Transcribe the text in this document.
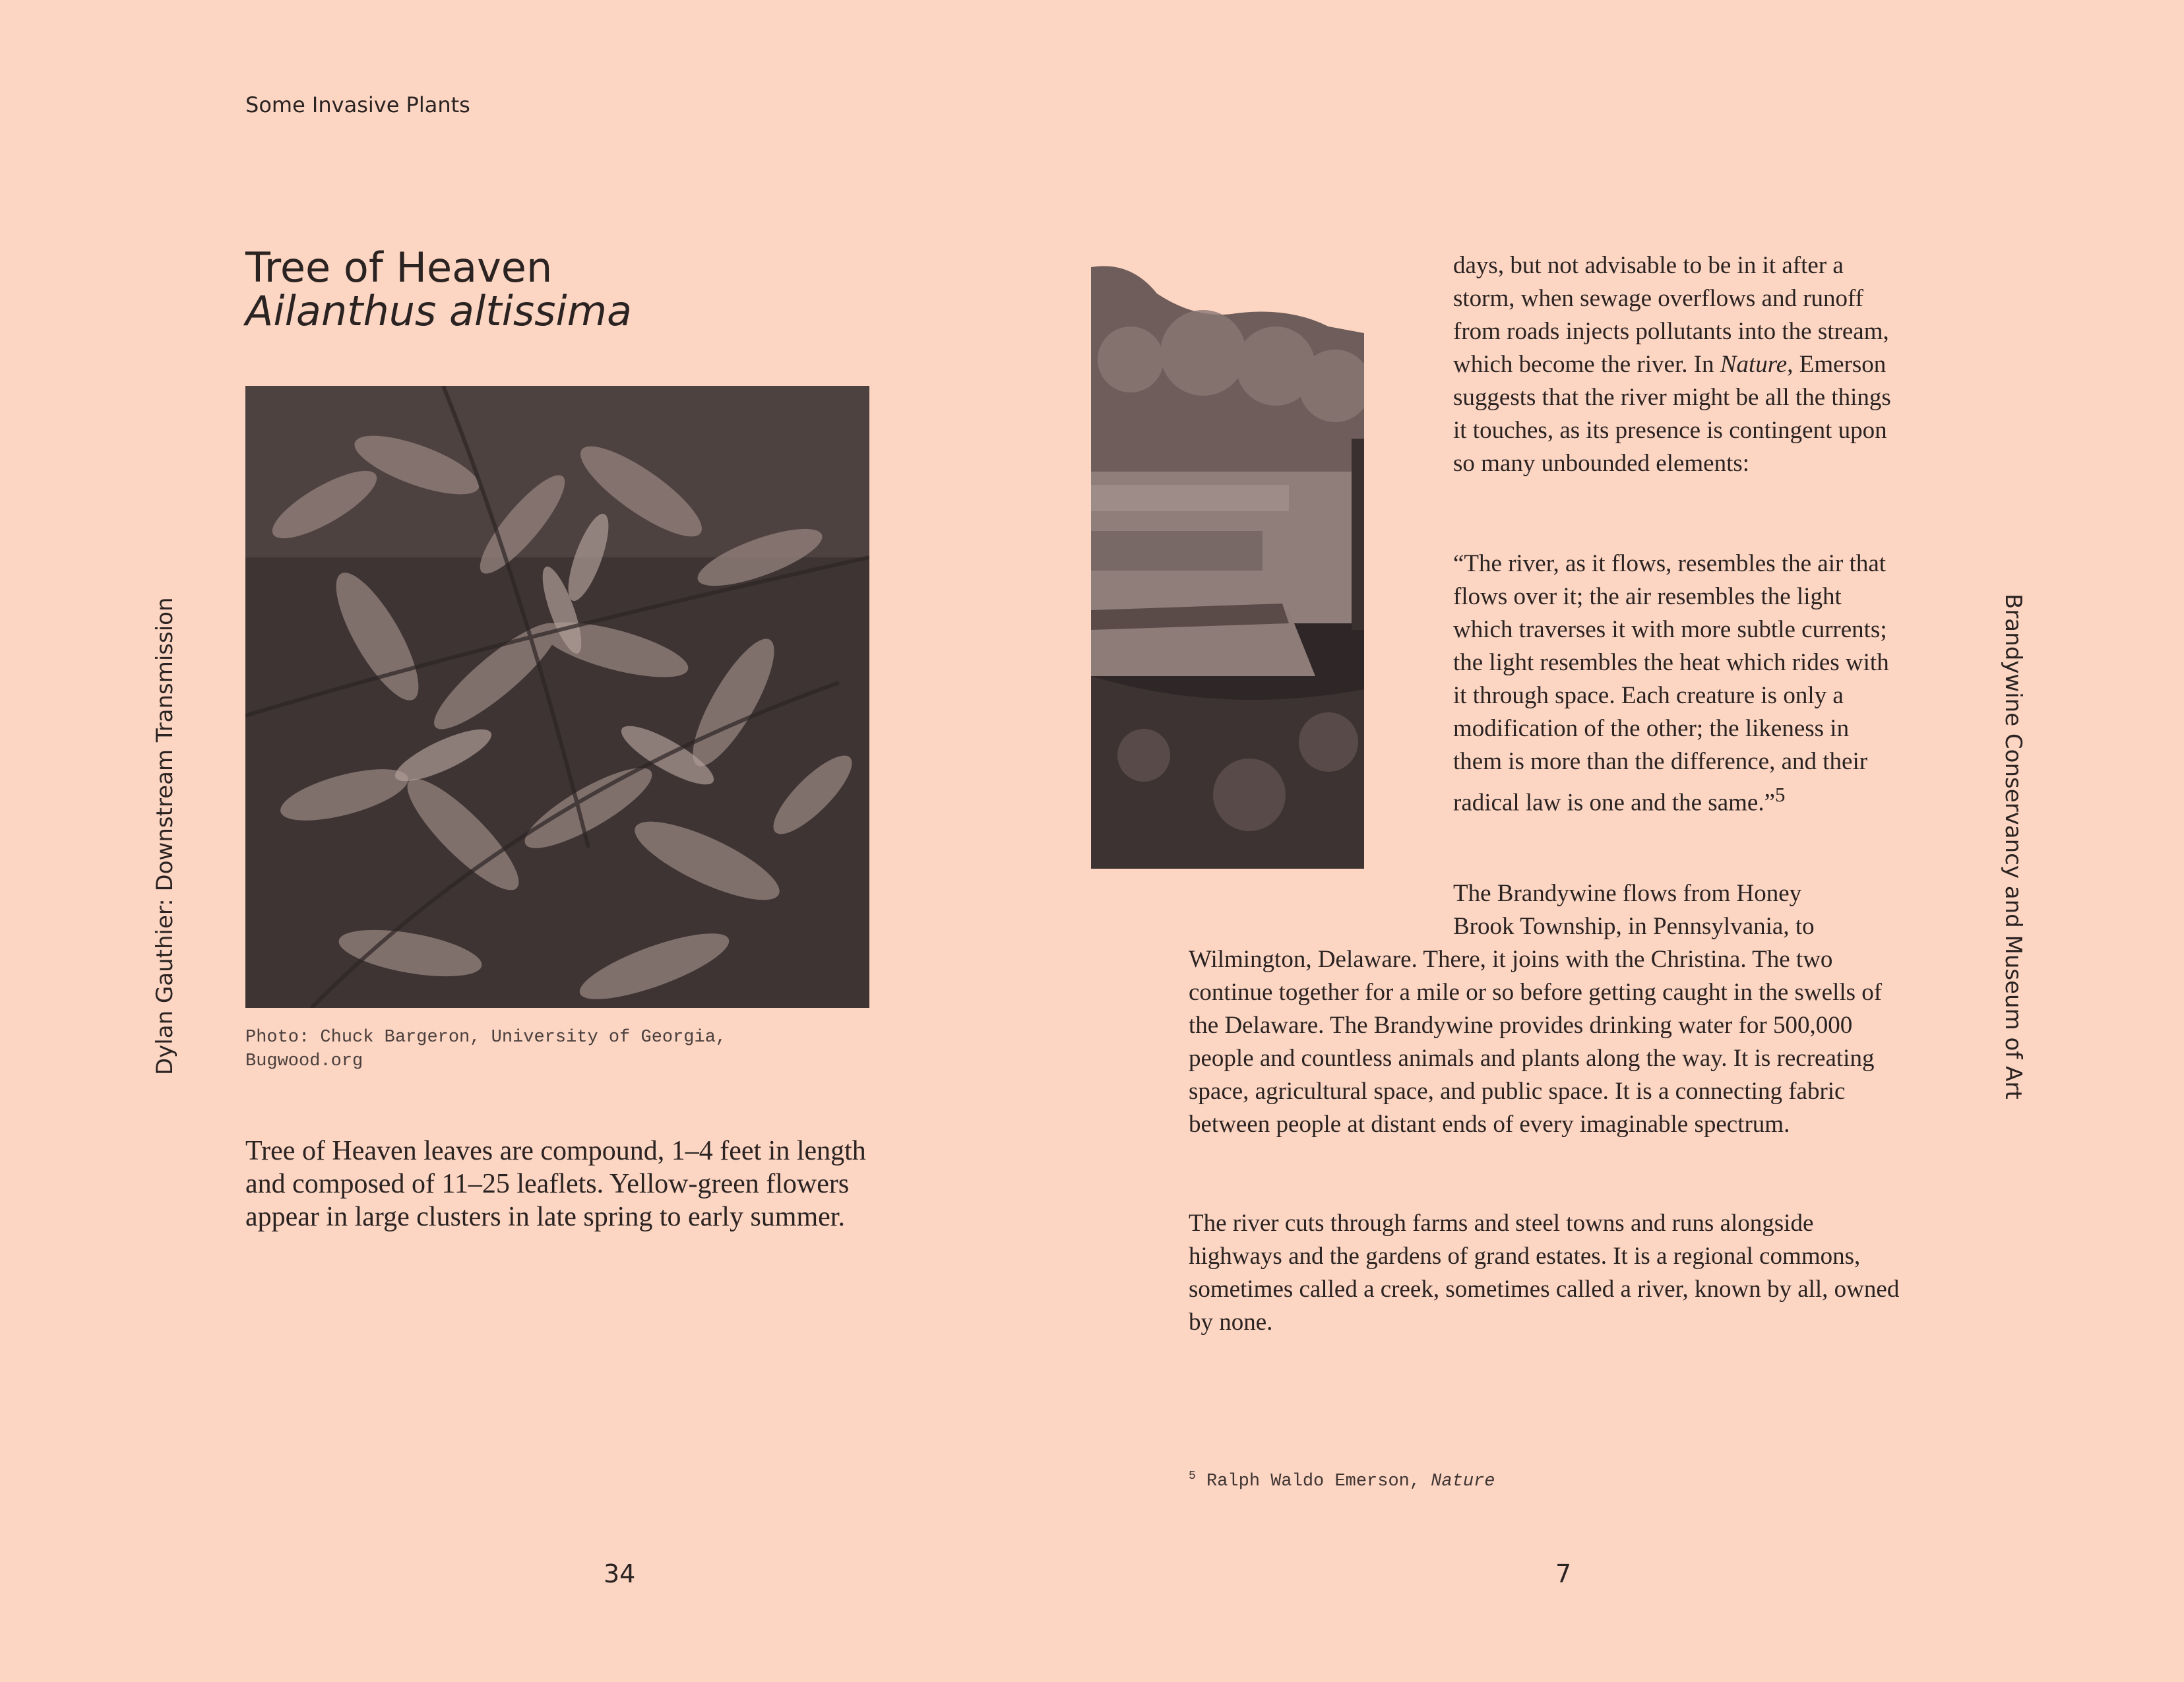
Some Invasive Plants
Dylan Gauthier: Downstream Transmission	Brandywine Conservancy and Museum of Art
Tree of Heaven
Ailanthus altissima
Photo: Chuck Bargeron, University of Georgia,
Bugwood.org
Tree of Heaven leaves are compound, 1–4 feet in length and composed of 11–25 leaflets. Yellow-green flowers appear in large clusters in late spring to early summer.

days, but not advisable to be in it after a storm, when sewage overflows and runoff from roads injects pollutants into the stream, which become the river. In Nature, Emerson suggests that the river might be all the things it touches, as its presence is contingent upon so many unbounded elements:

“The river, as it flows, resembles the air that flows over it; the air resembles the light which traverses it with more subtle currents; the light resembles the heat which rides with it through space. Each creature is only a modification of the other; the likeness in them is more than the difference, and their radical law is one and the same.”$^5$

The Brandywine flows from Honey
Brook Township, in Pennsylvania, to
Wilmington, Delaware. There, it joins with the Christina. The two continue together for a mile or so before getting caught in the swells of the Delaware. The Brandywine provides drinking water for 500,000 people and countless animals and plants along the way. It is recreating space, agricultural space, and public space. It is a connecting fabric between people at distant ends of every imaginable spectrum.

The river cuts through farms and steel towns and runs alongside highways and the gardens of grand estates. It is a regional commons, sometimes called a creek, sometimes called a river, known by all, owned by none.
$^5$ Ralph Waldo Emerson, Nature
34	7
